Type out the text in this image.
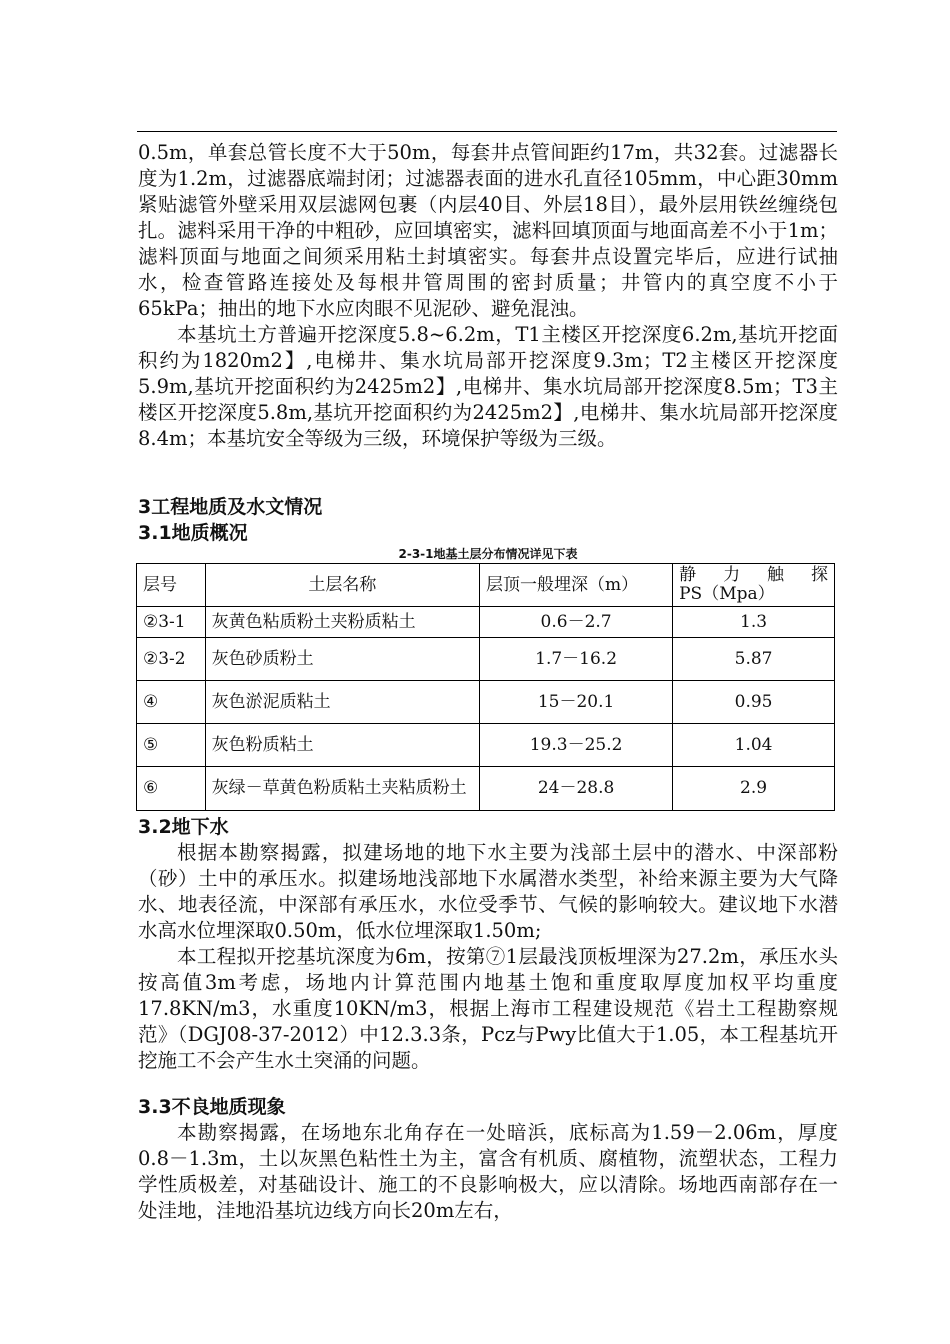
0.5m，单套总管长度不大于50m，每套井点管间距约17m，共32套。过滤器长度为1.2m，过滤器底端封闭；过滤器表面的进水孔直径105mm，中心距30mm紧贴滤管外壁采用双层滤网包裹（内层40目、外层18目），最外层用铁丝缠绕包扎。滤料采用干净的中粗砂，应回填密实，滤料回填顶面与地面高差不小于1m；滤料顶面与地面之间须采用粘土封填密实。每套井点设置完毕后，应进行试抽水，检查管路连接处及每根井管周围的密封质量；井管内的真空度不小于65kPa；抽出的地下水应肉眼不见泥砂、避免混浊。

本基坑土方普遍开挖深度5.8~6.2m，T1主楼区开挖深度6.2m,基坑开挖面积约为1820m2】,电梯井、集水坑局部开挖深度9.3m；T2主楼区开挖深度5.9m,基坑开挖面积约为2425m2】,电梯井、集水坑局部开挖深度8.5m；T3主楼区开挖深度5.8m,基坑开挖面积约为2425m2】,电梯井、集水坑局部开挖深度8.4m；本基坑安全等级为三级，环境保护等级为三级。

3工程地质及水文情况

3.1地质概况

2-3-1地基土层分布情况详见下表

层号	土层名称	层顶一般埋深（m）	静力触探
PS（Mpa）

②3-1	灰黄色粘质粉土夹粉质粘土	0.6－2.7	1.3
②3-2	灰色砂质粉土	1.7－16.2	5.87
④	灰色淤泥质粘土	15－20.1	0.95
⑤	灰色粉质粘土	19.3－25.2	1.04
⑥	灰绿－草黄色粉质粘土夹粘质粉土	24－28.8	2.9

3.2地下水

根据本勘察揭露，拟建场地的地下水主要为浅部土层中的潜水、中深部粉（砂）土中的承压水。拟建场地浅部地下水属潜水类型，补给来源主要为大气降水、地表径流，中深部有承压水，水位受季节、气候的影响较大。建议地下水潜水高水位埋深取0.50m，低水位埋深取1.50m;

本工程拟开挖基坑深度为6m，按第⑦1层最浅顶板埋深为27.2m，承压水头按高值3m考虑，场地内计算范围内地基土饱和重度取厚度加权平均重度17.8KN/m3，水重度10KN/m3，根据上海市工程建设规范《岩土工程勘察规范》（DGJ08-37-2012）中12.3.3条，Pcz与Pwy比值大于1.05，本工程基坑开挖施工不会产生水土突涌的问题。

3.3不良地质现象

本勘察揭露，在场地东北角存在一处暗浜，底标高为1.59－2.06m，厚度0.8－1.3m，土以灰黑色粘性土为主，富含有机质、腐植物，流塑状态，工程力学性质极差，对基础设计、施工的不良影响极大，应以清除。场地西南部存在一处洼地，洼地沿基坑边线方向长20m左右，
